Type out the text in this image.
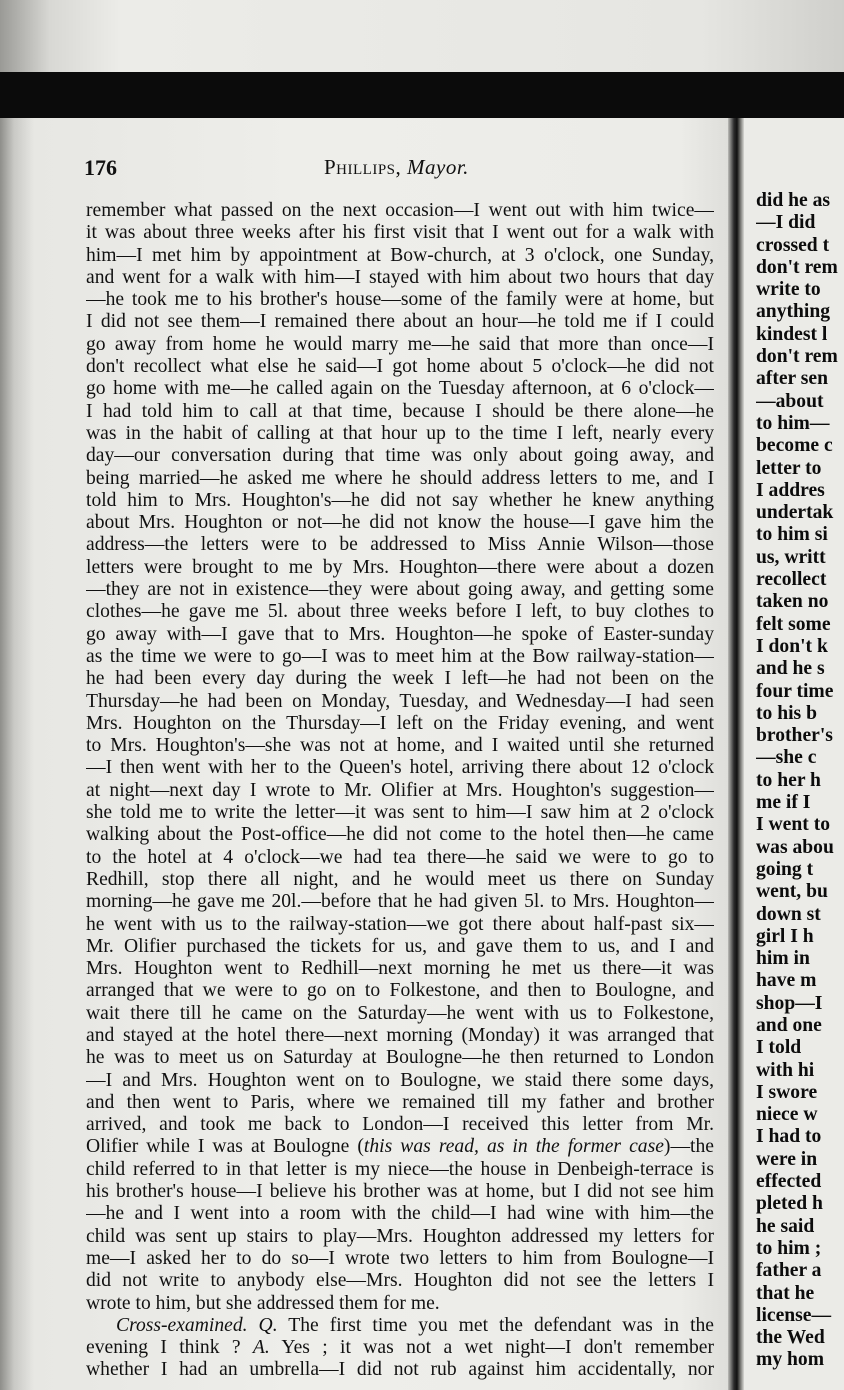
176	Phillips, Mayor.
remember what passed on the next occasion—I went out with him twice—
it was about three weeks after his first visit that I went out for a walk with
him—I met him by appointment at Bow-church, at 3 o'clock, one Sunday,
and went for a walk with him—I stayed with him about two hours that day
—he took me to his brother's house—some of the family were at home, but
I did not see them—I remained there about an hour—he told me if I could
go away from home he would marry me—he said that more than once—I
don't recollect what else he said—I got home about 5 o'clock—he did not
go home with me—he called again on the Tuesday afternoon, at 6 o'clock—
I had told him to call at that time, because I should be there alone—he
was in the habit of calling at that hour up to the time I left, nearly every
day—our conversation during that time was only about going away, and
being married—he asked me where he should address letters to me, and I
told him to Mrs. Houghton's—he did not say whether he knew anything
about Mrs. Houghton or not—he did not know the house—I gave him the
address—the letters were to be addressed to Miss Annie Wilson—those
letters were brought to me by Mrs. Houghton—there were about a dozen
—they are not in existence—they were about going away, and getting some
clothes—he gave me 5l. about three weeks before I left, to buy clothes to
go away with—I gave that to Mrs. Houghton—he spoke of Easter-sunday
as the time we were to go—I was to meet him at the Bow railway-station—
he had been every day during the week I left—he had not been on the
Thursday—he had been on Monday, Tuesday, and Wednesday—I had seen
Mrs. Houghton on the Thursday—I left on the Friday evening, and went
to Mrs. Houghton's—she was not at home, and I waited until she returned
—I then went with her to the Queen's hotel, arriving there about 12 o'clock
at night—next day I wrote to Mr. Olifier at Mrs. Houghton's suggestion—
she told me to write the letter—it was sent to him—I saw him at 2 o'clock
walking about the Post-office—he did not come to the hotel then—he came
to the hotel at 4 o'clock—we had tea there—he said we were to go to
Redhill, stop there all night, and he would meet us there on Sunday
morning—he gave me 20l.—before that he had given 5l. to Mrs. Houghton—
he went with us to the railway-station—we got there about half-past six—
Mr. Olifier purchased the tickets for us, and gave them to us, and I and
Mrs. Houghton went to Redhill—next morning he met us there—it was
arranged that we were to go on to Folkestone, and then to Boulogne, and
wait there till he came on the Saturday—he went with us to Folkestone,
and stayed at the hotel there—next morning (Monday) it was arranged that
he was to meet us on Saturday at Boulogne—he then returned to London
—I and Mrs. Houghton went on to Boulogne, we staid there some days,
and then went to Paris, where we remained till my father and brother
arrived, and took me back to London—I received this letter from Mr.
Olifier while I was at Boulogne (this was read, as in the former case)—the
child referred to in that letter is my niece—the house in Denbeigh-terrace is
his brother's house—I believe his brother was at home, but I did not see him
—he and I went into a room with the child—I had wine with him—the
child was sent up stairs to play—Mrs. Houghton addressed my letters for
me—I asked her to do so—I wrote two letters to him from Boulogne—I
did not write to anybody else—Mrs. Houghton did not see the letters I
wrote to him, but she addressed them for me.
Cross-examined. Q. The first time you met the defendant was in the
evening I think ? A. Yes ; it was not a wet night—I don't remember
whether I had an umbrella—I did not rub against him accidentally, nor
did he as
—I did
crossed t
don't rem
write to
anything
kindest l
don't rem
after sen
—about
to him—
become c
letter to
I addres
undertak
to him si
us, writt
recollect
taken no
felt some
I don't k
and he s
four time
to his b
brother's
—she c
to her h
me if I
I went to
was abou
going t
went, bu
down st
girl I h
him in
have m
shop—I
and one
I told
with hi
I swore
niece w
I had to
were in
effected
pleted h
he said
to him ;
father a
that he
license—
the Wed
my hom
